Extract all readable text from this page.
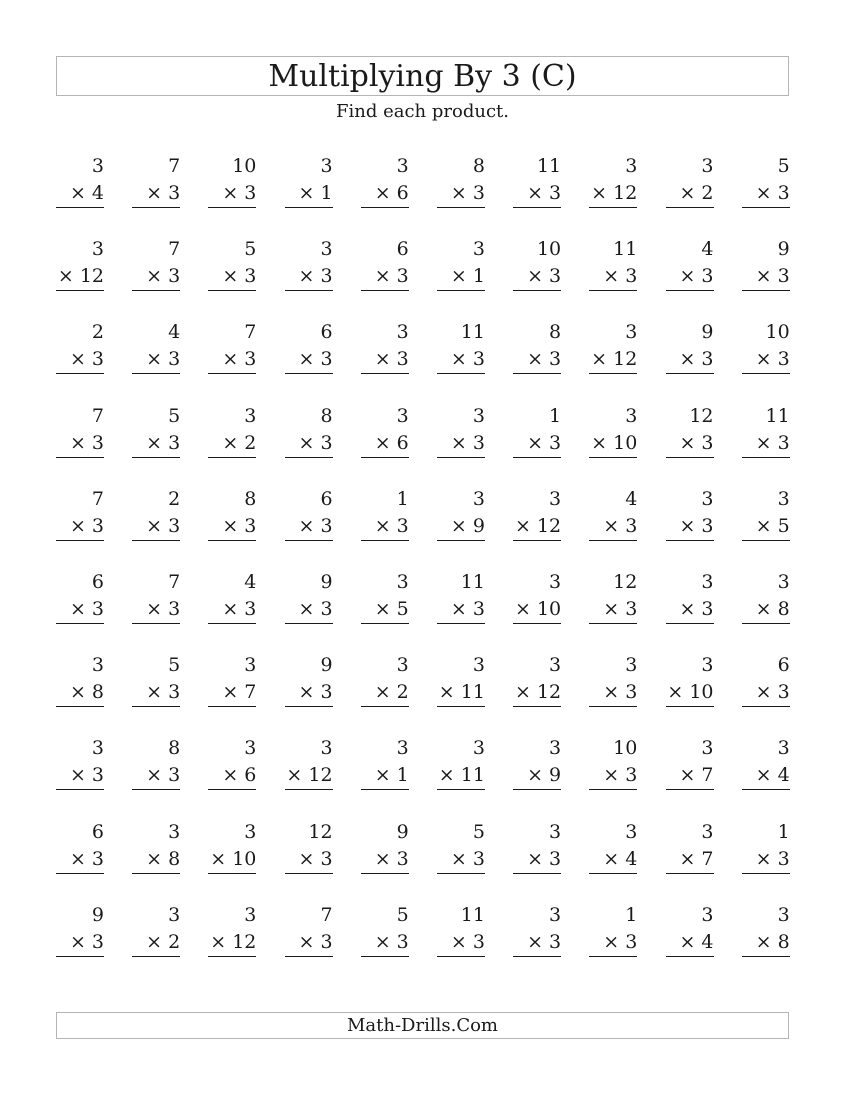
Multiplying By 3 (C)
Find each product.
3
× 4
7
× 3
10
× 3
3
× 1
3
× 6
8
× 3
11
× 3
3
× 12
3
× 2
5
× 3
3
× 12
7
× 3
5
× 3
3
× 3
6
× 3
3
× 1
10
× 3
11
× 3
4
× 3
9
× 3
2
× 3
4
× 3
7
× 3
6
× 3
3
× 3
11
× 3
8
× 3
3
× 12
9
× 3
10
× 3
7
× 3
5
× 3
3
× 2
8
× 3
3
× 6
3
× 3
1
× 3
3
× 10
12
× 3
11
× 3
7
× 3
2
× 3
8
× 3
6
× 3
1
× 3
3
× 9
3
× 12
4
× 3
3
× 3
3
× 5
6
× 3
7
× 3
4
× 3
9
× 3
3
× 5
11
× 3
3
× 10
12
× 3
3
× 3
3
× 8
3
× 8
5
× 3
3
× 7
9
× 3
3
× 2
3
× 11
3
× 12
3
× 3
3
× 10
6
× 3
3
× 3
8
× 3
3
× 6
3
× 12
3
× 1
3
× 11
3
× 9
10
× 3
3
× 7
3
× 4
6
× 3
3
× 8
3
× 10
12
× 3
9
× 3
5
× 3
3
× 3
3
× 4
3
× 7
1
× 3
9
× 3
3
× 2
3
× 12
7
× 3
5
× 3
11
× 3
3
× 3
1
× 3
3
× 4
3
× 8
Math-Drills.Com
